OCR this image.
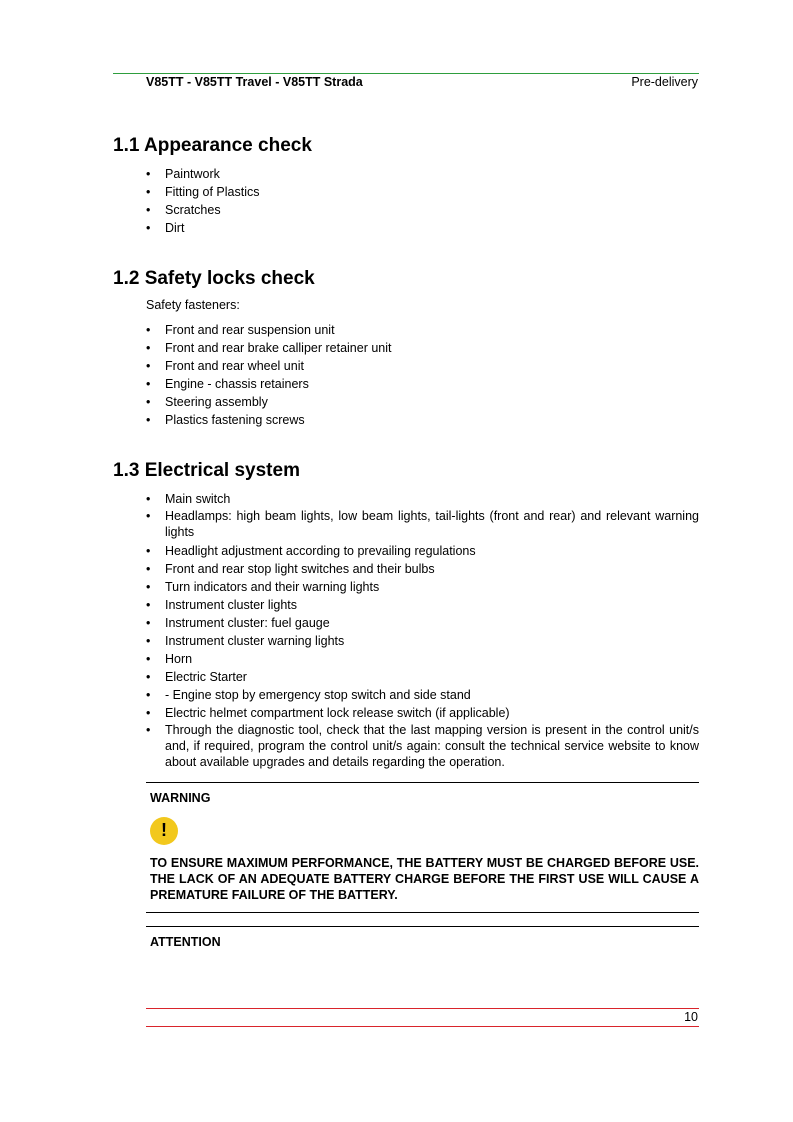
V85TT - V85TT Travel - V85TT Strada	Pre-delivery
1.1 Appearance check
• Paintwork
• Fitting of Plastics
• Scratches
• Dirt
1.2 Safety locks check
Safety fasteners:
• Front and rear suspension unit
• Front and rear brake calliper retainer unit
• Front and rear wheel unit
• Engine - chassis retainers
• Steering assembly
• Plastics fastening screws
1.3 Electrical system
• Main switch
• Headlamps: high beam lights, low beam lights, tail-lights (front and rear) and relevant warning lights
• Headlight adjustment according to prevailing regulations
• Front and rear stop light switches and their bulbs
• Turn indicators and their warning lights
• Instrument cluster lights
• Instrument cluster: fuel gauge
• Instrument cluster warning lights
• Horn
• Electric Starter
• - Engine stop by emergency stop switch and side stand
• Electric helmet compartment lock release switch (if applicable)
• Through the diagnostic tool, check that the last mapping version is present in the control unit/s and, if required, program the control unit/s again: consult the technical service website to know about available upgrades and details regarding the operation.
WARNING
!
TO ENSURE MAXIMUM PERFORMANCE, THE BATTERY MUST BE CHARGED BEFORE USE. THE LACK OF AN ADEQUATE BATTERY CHARGE BEFORE THE FIRST USE WILL CAUSE A PREMATURE FAILURE OF THE BATTERY.
ATTENTION
10
